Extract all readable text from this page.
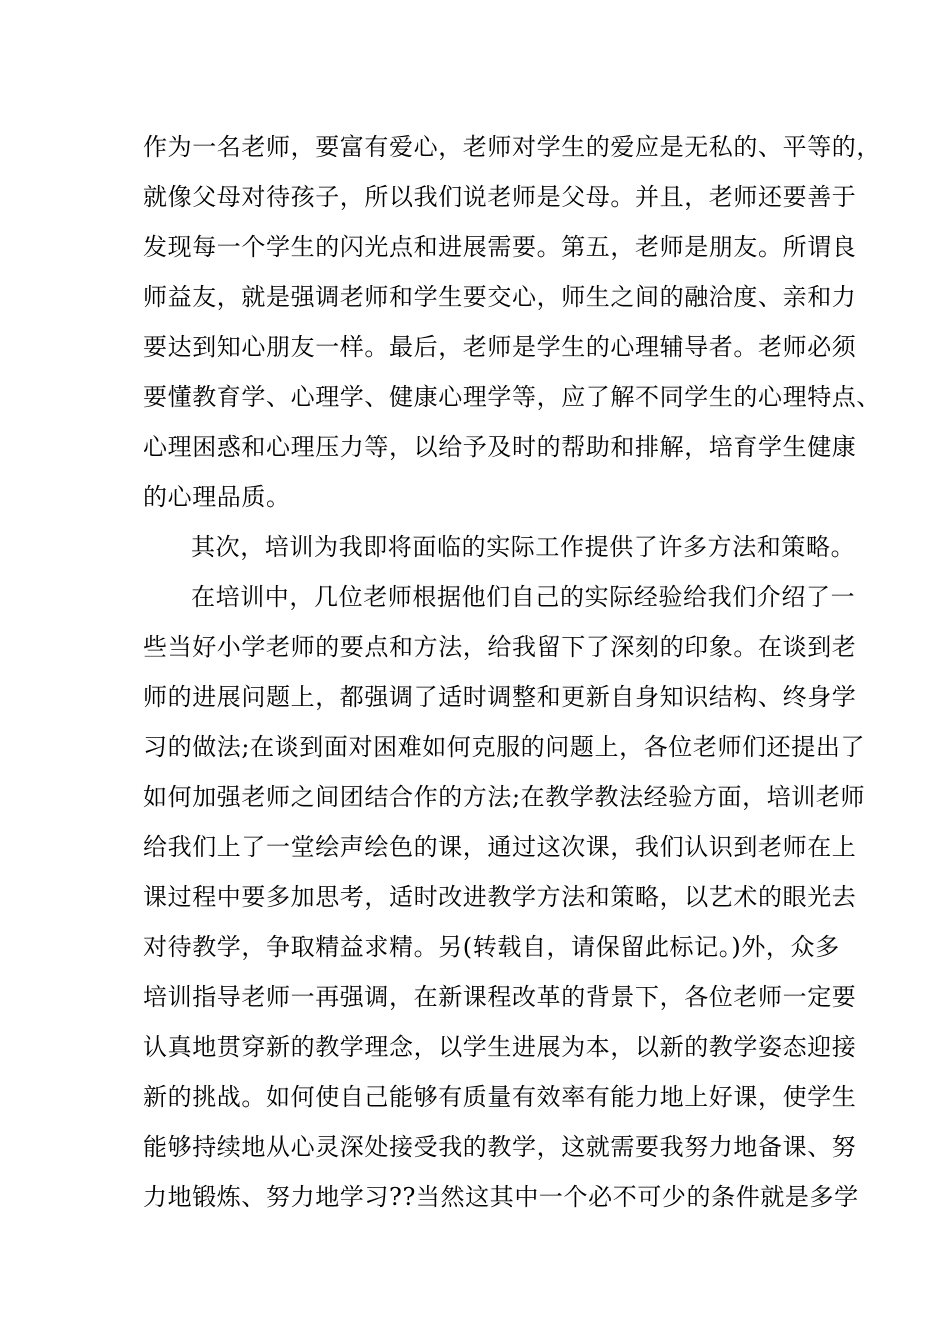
作为一名老师，要富有爱心，老师对学生的爱应是无私的、平等的，
就像父母对待孩子，所以我们说老师是父母。并且，老师还要善于
发现每一个学生的闪光点和进展需要。第五，老师是朋友。所谓良
师益友，就是强调老师和学生要交心，师生之间的融洽度、亲和力
要达到知心朋友一样。最后，老师是学生的心理辅导者。老师必须
要懂教育学、心理学、健康心理学等，应了解不同学生的心理特点、
心理困惑和心理压力等，以给予及时的帮助和排解，培育学生健康
的心理品质。
其次，培训为我即将面临的实际工作提供了许多方法和策略。
在培训中，几位老师根据他们自己的实际经验给我们介绍了一
些当好小学老师的要点和方法，给我留下了深刻的印象。在谈到老
师的进展问题上，都强调了适时调整和更新自身知识结构、终身学
习的做法;在谈到面对困难如何克服的问题上，各位老师们还提出了
如何加强老师之间团结合作的方法;在教学教法经验方面，培训老师
给我们上了一堂绘声绘色的课，通过这次课，我们认识到老师在上
课过程中要多加思考，适时改进教学方法和策略，以艺术的眼光去
对待教学，争取精益求精。另(转载自，请保留此标记。)外，众多
培训指导老师一再强调，在新课程改革的背景下，各位老师一定要
认真地贯穿新的教学理念，以学生进展为本，以新的教学姿态迎接
新的挑战。如何使自己能够有质量有效率有能力地上好课，使学生
能够持续地从心灵深处接受我的教学，这就需要我努力地备课、努
力地锻炼、努力地学习??当然这其中一个必不可少的条件就是多学
